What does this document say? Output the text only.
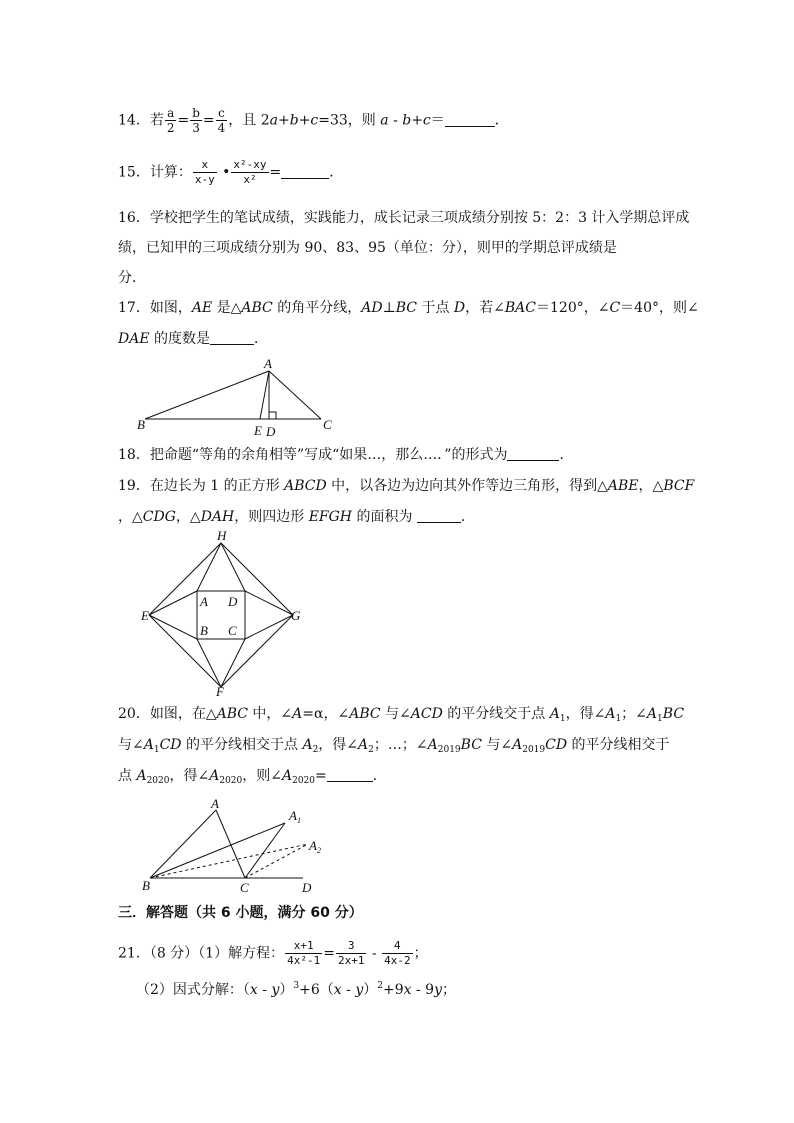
14．若 $\frac{a}{2} = \frac{b}{3} = \frac{c}{4}$ ，且 2a+b+c=33，则 a - b+c＝	．
15．计算： $\frac{x}{x-y}$ • $\frac{\text{x²-xy}}{\text{x²}}$ =	．
16．学校把学生的笔试成绩，实践能力，成长记录三项成绩分别按 5：2：3 计入学期总评成
绩，已知甲的三项成绩分别为 90、83、95（单位：分），则甲的学期总评成绩是
分．
17．如图，AE 是△ABC 的角平分线，AD⊥BC 于点 D，若∠BAC＝120°，∠C＝40°，则∠
DAE 的度数是	．
A
B	C
E D
18．把命题“等角的余角相等”写成“如果…，那么…．”的形式为	．
19．在边长为 1 的正方形 ABCD 中，以各边为边向其外作等边三角形，得到△ABE，△BCF
，△CDG，△DAH，则四边形 EFGH 的面积为	．
H
E	G
F
A D
B C
20．如图，在△ABC 中，∠A=α，∠ABC 与∠ACD 的平分线交于点 $A_1$，得$\angle A_1$；$\angle A_1BC$
与$\angle A_1CD$ 的平分线相交于点 $A_2$，得$\angle A_2$；…；$\angle A_{2019}BC$ 与$\angle A_{2019}CD$ 的平分线相交于
点 $A_{2020}$，得$\angle A_{2020}$，则$\angle A_{2020}=$	．
A
$A_1$
$A_2$
B	C	D
三．解答题（共 6 小题，满分 60 分）
21．（8 分）（1）解方程： $\frac{x+1}{\text{4x²-1}} = \frac{3}{2x+1} - \frac{4}{4x-2}$ ；
（2）因式分解：（x - y）$^3$+6（x - y）$^2$+9x - 9y；
